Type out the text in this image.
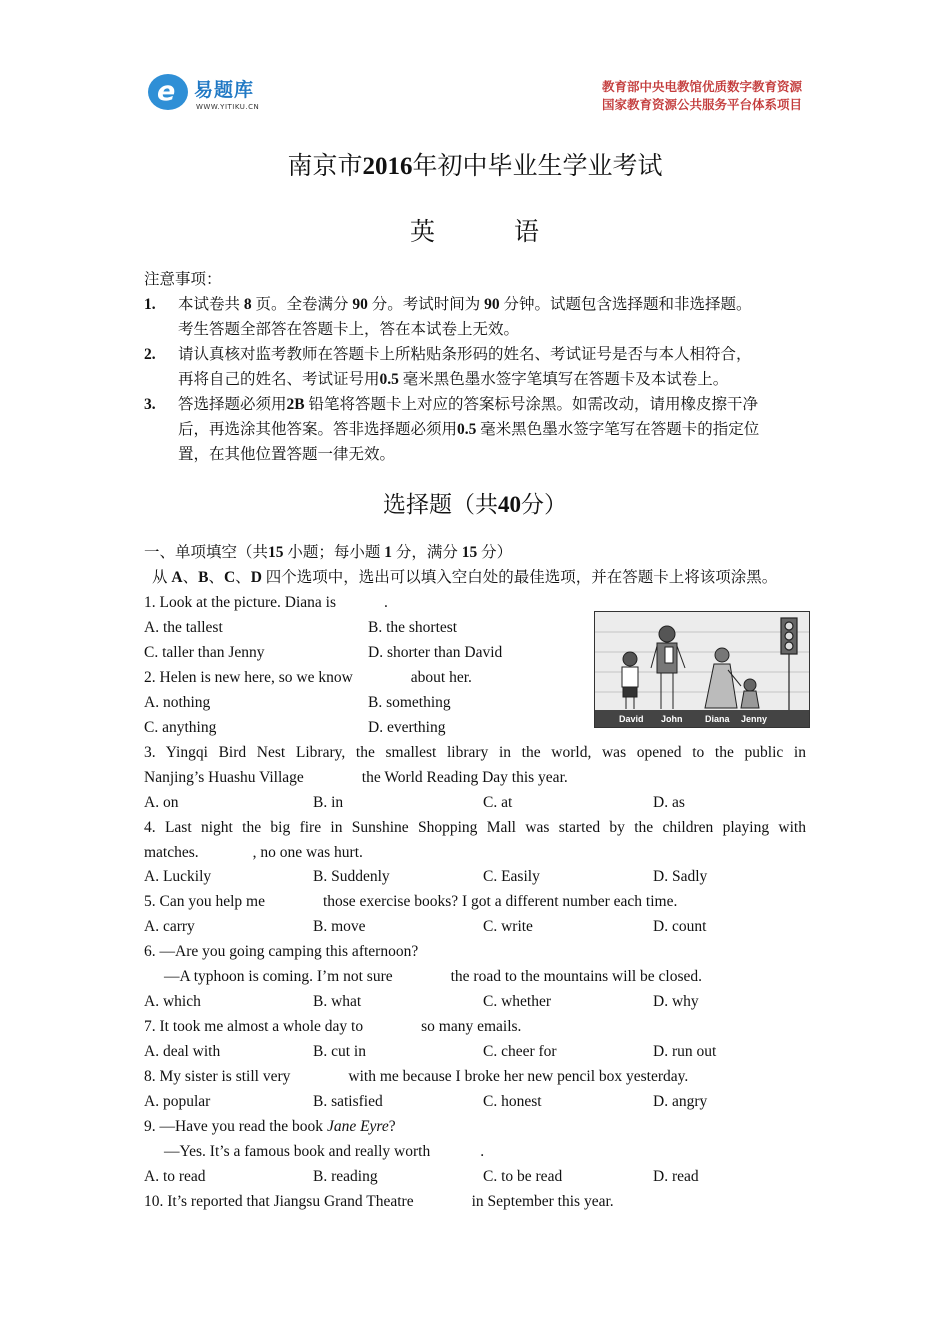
e 易题库
WWW.YITIKU.CN
教育部中央电教馆优质数字教育资源
国家教育资源公共服务平台体系项目
南京市2016年初中毕业生学业考试
英	语
注意事项：
1. 本试卷共 8 页。全卷满分 90 分。考试时间为 90 分钟。试题包含选择题和非选择题。
考生答题全部答在答题卡上，答在本试卷上无效。
2. 请认真核对监考教师在答题卡上所粘贴条形码的姓名、考试证号是否与本人相符合，
再将自己的姓名、考试证号用0.5 毫米黑色墨水签字笔填写在答题卡及本试卷上。
3. 答选择题必须用2B 铅笔将答题卡上对应的答案标号涂黑。如需改动，请用橡皮擦干净
后，再选涂其他答案。答非选择题必须用0.5 毫米黑色墨水签字笔写在答题卡的指定位
置，在其他位置答题一律无效。
选择题（共40分）
一、单项填空（共15 小题；每小题 1 分，满分 15 分）
从 A、B、C、D 四个选项中，选出可以填入空白处的最佳选项，并在答题卡上将该项涂黑。
David John	Diana Jenny
1. Look at the picture. Diana is	.
A. the tallest	B. the shortest
C. taller than Jenny	D. shorter than David
2. Helen is new here, so we know	about her.
A. nothing	B. something
C. anything	D. everthing
3. Yingqi Bird Nest Library, the smallest library in the world, was opened to the public in
Nanjing’s Huashu Village	the World Reading Day this year.
A. on	B. in	C. at	D. as
4. Last night the big fire in Sunshine Shopping Mall was started by the children playing with
matches.	, no one was hurt.
A. Luckily	B. Suddenly	C. Easily	D. Sadly
5. Can you help me	those exercise books? I got a different number each time.
A. carry	B. move	C. write	D. count
6. —Are you going camping this afternoon?
—A typhoon is coming. I’m not sure	the road to the mountains will be closed.
A. which	B. what	C. whether	D. why
7. It took me almost a whole day to	so many emails.
A. deal with	B. cut in	C. cheer for	D. run out
8. My sister is still very	with me because I broke her new pencil box yesterday.
A. popular	B. satisfied	C. honest	D. angry
9. —Have you read the book Jane Eyre?
—Yes. It’s a famous book and really worth	.
A. to read	B. reading	C. to be read	D. read
10. It’s reported that Jiangsu Grand Theatre	in September this year.
